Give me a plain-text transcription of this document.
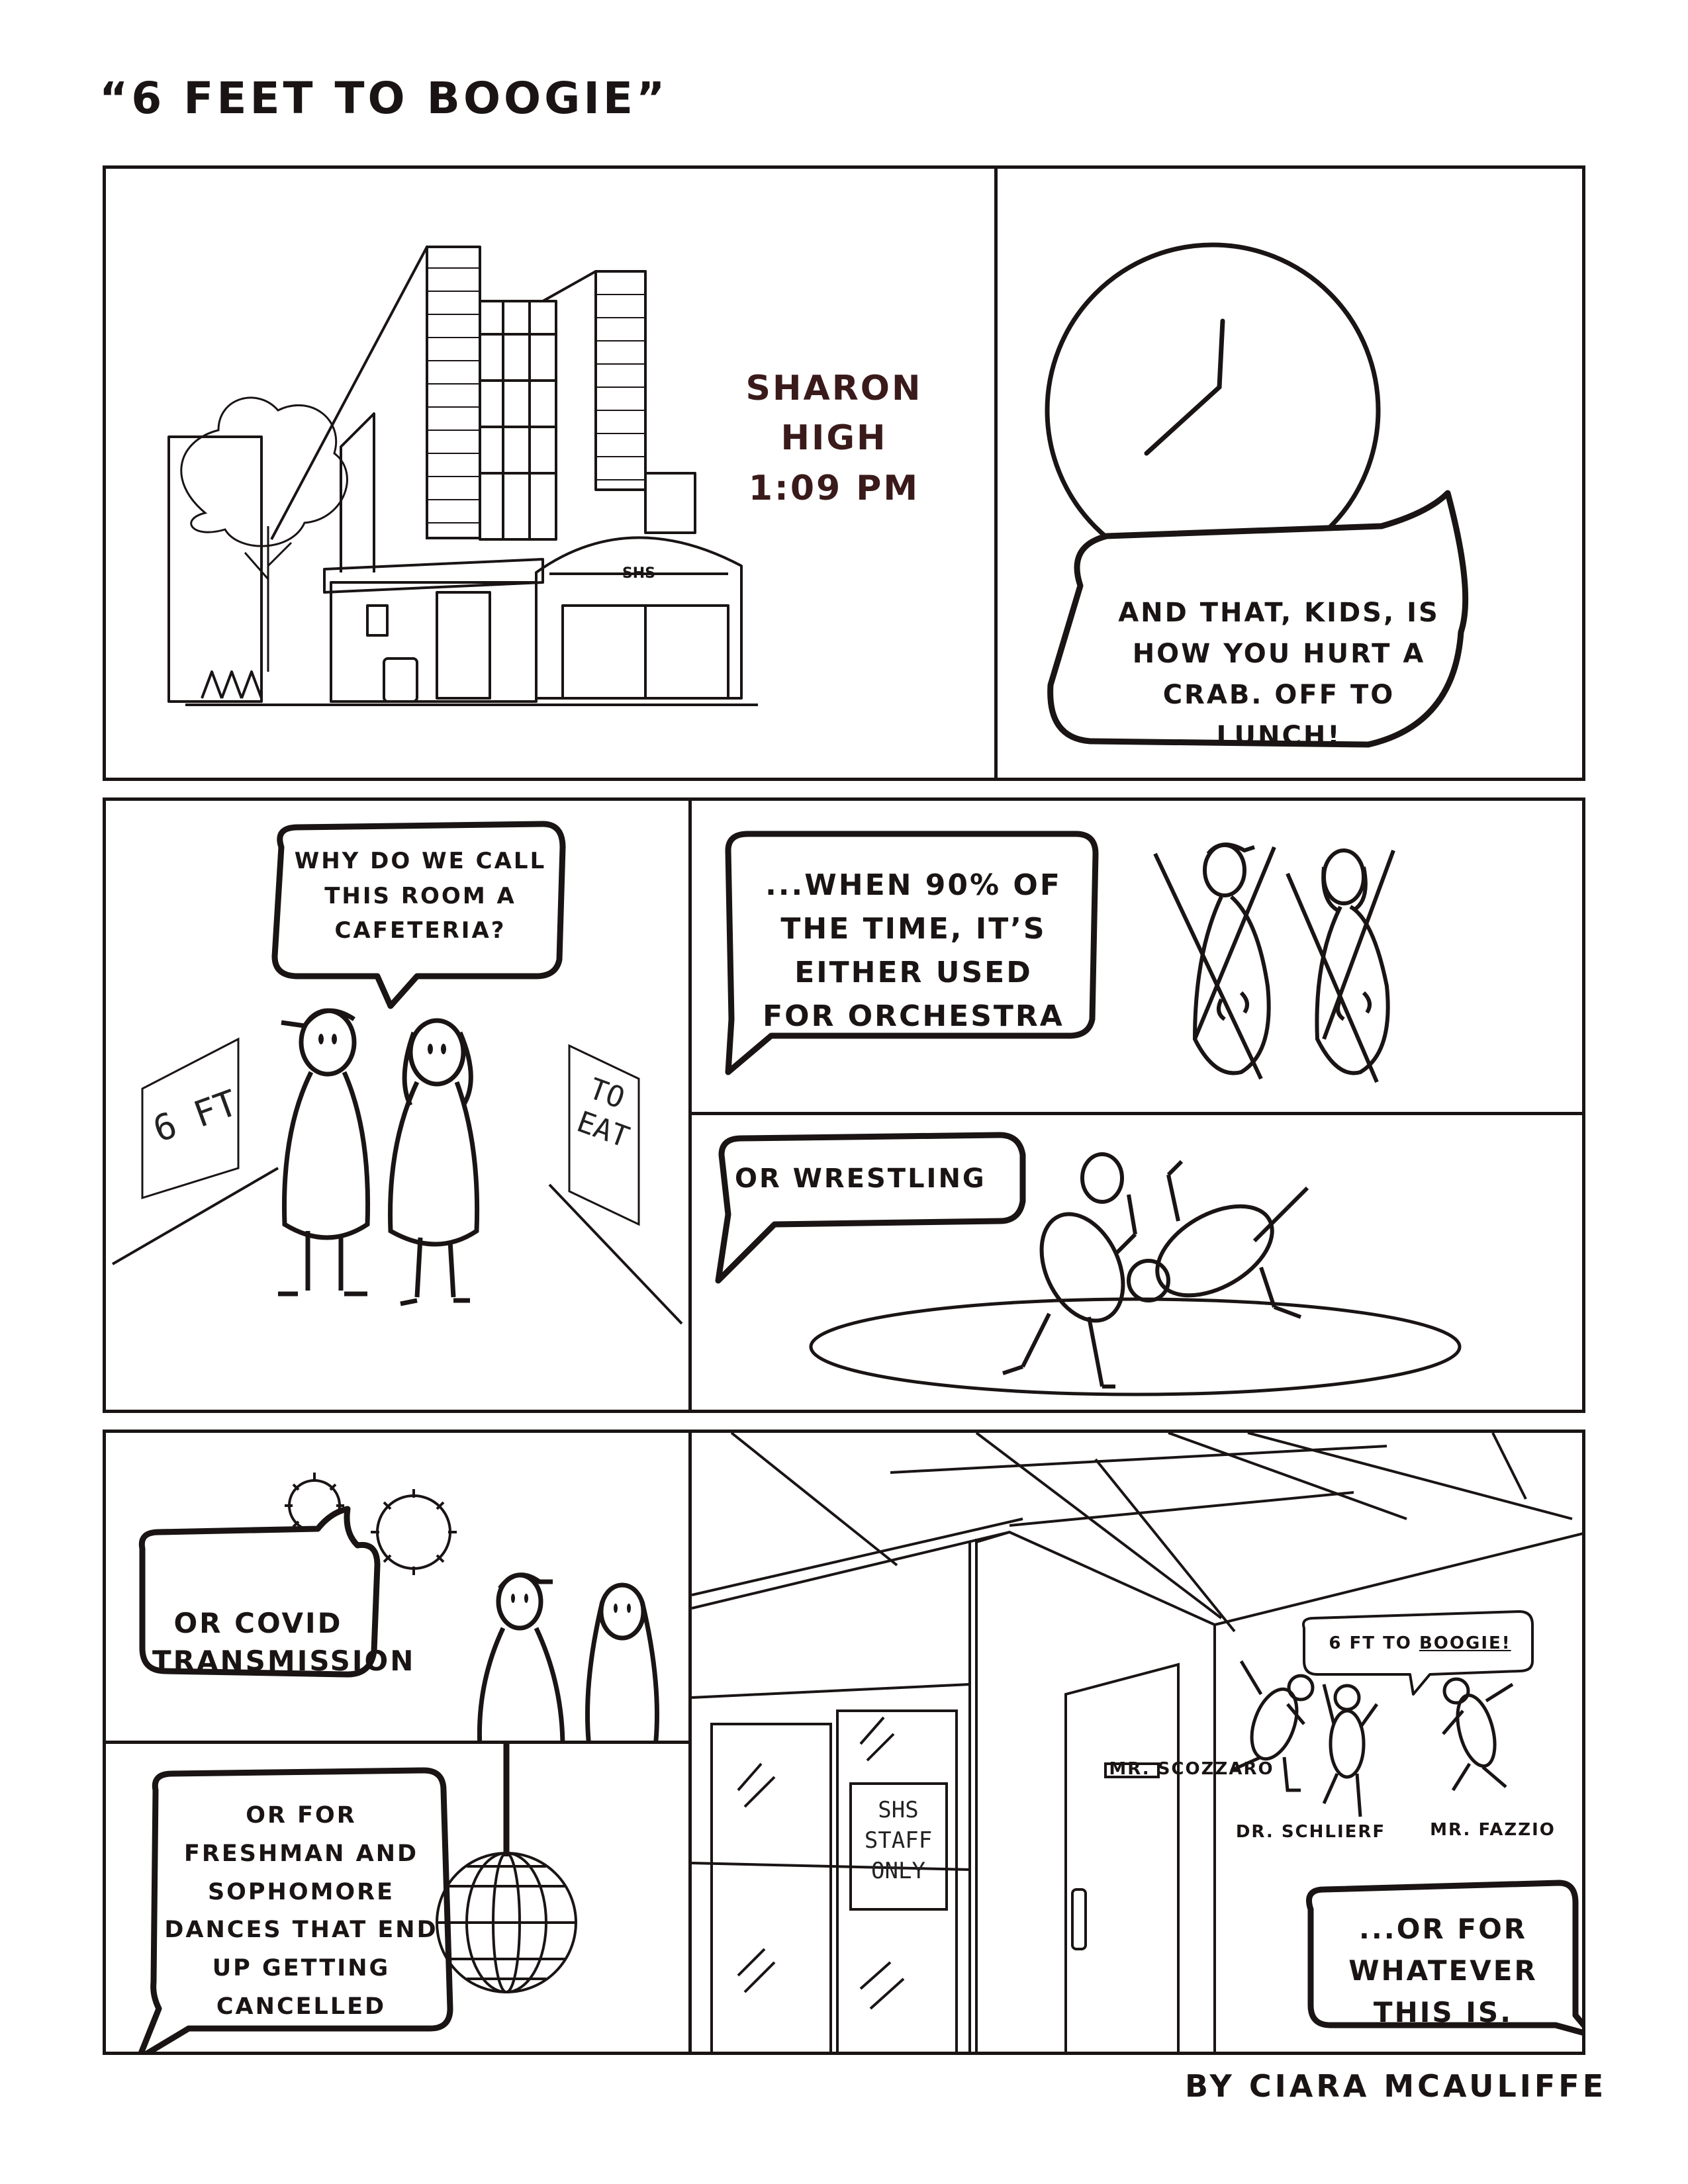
“6 FEET TO BOOGIE”
SHS
SHARON HIGH
1:09 PM
AND THAT, KIDS, IS HOW YOU HURT A CRAB. OFF TO LUNCH!
WHY DO WE CALL THIS ROOM A CAFETERIA?
6 FT	TO
EAT
...WHEN 90% OF THE TIME, IT’S EITHER USED FOR ORCHESTRA
OR WRESTLING
OR COVID TRANSMISSION
OR FOR FRESHMAN AND SOPHOMORE DANCES THAT END UP GETTING CANCELLED
SHS
STAFF
ONLY
6 FT TO BOOGIE!
MR. SCOZZARO
DR. SCHLIERF	MR. FAZZIO
...OR FOR WHATEVER THIS IS.
BY CIARA MCAULIFFE
